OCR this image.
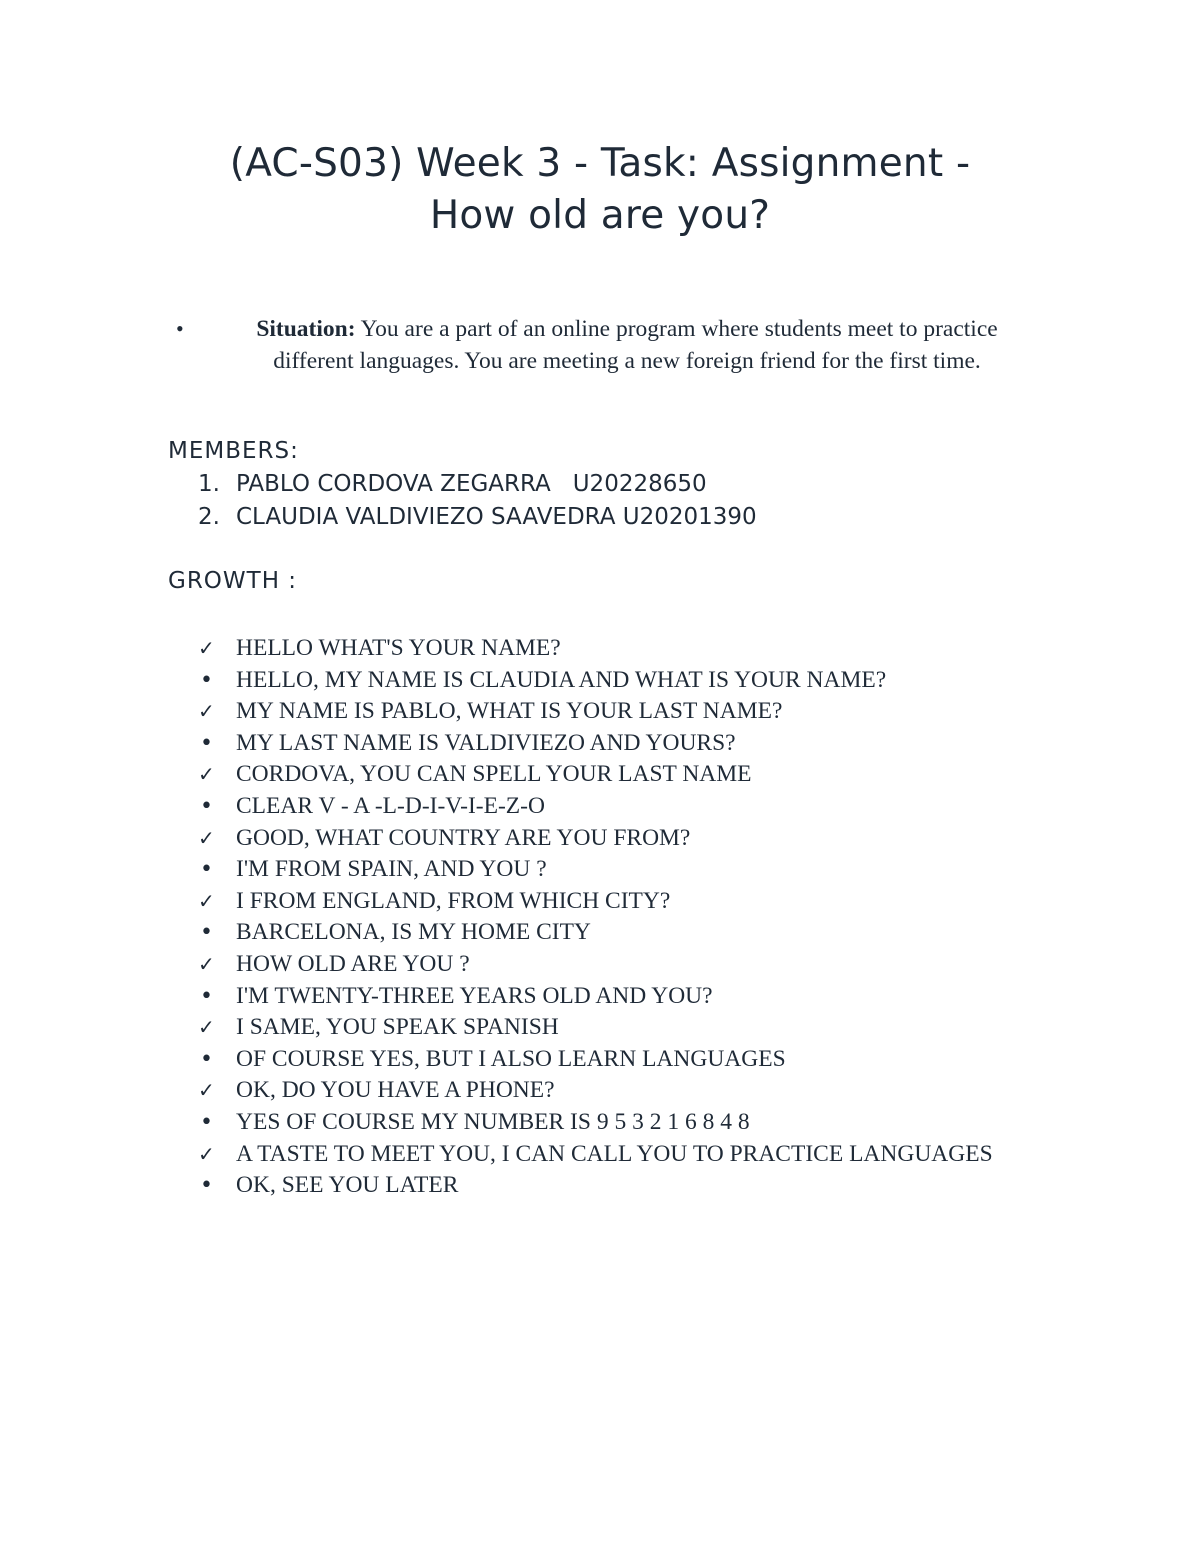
(AC-S03) Week 3 - Task: Assignment -
How old are you?
•	Situation: You are a part of an online program where students meet to practice different languages. You are meeting a new foreign friend for the first time.
MEMBERS:
1. PABLO CORDOVA ZEGARRA   U20228650
2. CLAUDIA VALDIVIEZO SAAVEDRA U20201390
GROWTH :
✓ HELLO WHAT'S YOUR NAME?
• HELLO, MY NAME IS CLAUDIA AND WHAT IS YOUR NAME?
✓ MY NAME IS PABLO, WHAT IS YOUR LAST NAME?
• MY LAST NAME IS VALDIVIEZO AND YOURS?
✓ CORDOVA, YOU CAN SPELL YOUR LAST NAME
• CLEAR V - A -L-D-I-V-I-E-Z-O
✓ GOOD, WHAT COUNTRY ARE YOU FROM?
• I'M FROM SPAIN, AND YOU ?
✓ I FROM ENGLAND, FROM WHICH CITY?
• BARCELONA, IS MY HOME CITY
✓ HOW OLD ARE YOU ?
• I'M TWENTY-THREE YEARS OLD AND YOU?
✓ I SAME, YOU SPEAK SPANISH
• OF COURSE YES, BUT I ALSO LEARN LANGUAGES
✓ OK, DO YOU HAVE A PHONE?
• YES OF COURSE MY NUMBER IS 9 5 3 2 1 6 8 4 8
✓ A TASTE TO MEET YOU, I CAN CALL YOU TO PRACTICE LANGUAGES
• OK, SEE YOU LATER
